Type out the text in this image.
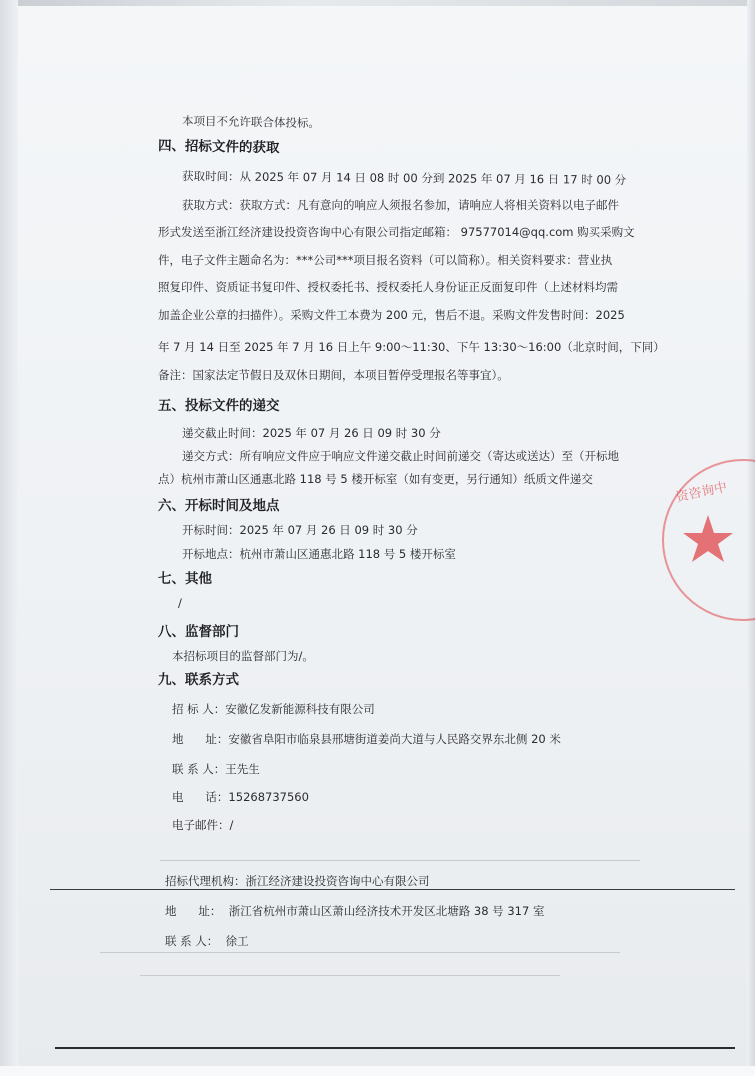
本项目不允许联合体投标。
四、招标文件的获取
获取时间：从 2025 年 07 月 14 日 08 时 00 分到 2025 年 07 月 16 日 17 时 00 分
获取方式：获取方式：凡有意向的响应人须报名参加，请响应人将相关资料以电子邮件
形式发送至浙江经济建设投资咨询中心有限公司指定邮箱： 97577014@qq.com 购买采购文
件，电子文件主题命名为：***公司***项目报名资料（可以简称）。相关资料要求：营业执
照复印件、资质证书复印件、授权委托书、授权委托人身份证正反面复印件（上述材料均需
加盖企业公章的扫描件）。采购文件工本费为 200 元，售后不退。采购文件发售时间：2025
年 7 月 14 日至 2025 年 7 月 16 日上午 9:00～11:30、下午 13:30～16:00（北京时间，下同）
备注：国家法定节假日及双休日期间，本项目暂停受理报名等事宜）。
五、投标文件的递交
递交截止时间：2025 年 07 月 26 日 09 时 30 分
递交方式：所有响应文件应于响应文件递交截止时间前递交（寄达或送达）至（开标地
点）杭州市萧山区通惠北路 118 号 5 楼开标室（如有变更，另行通知）纸质文件递交
六、开标时间及地点
开标时间：2025 年 07 月 26 日 09 时 30 分
开标地点：杭州市萧山区通惠北路 118 号 5 楼开标室
七、其他
/
八、监督部门
本招标项目的监督部门为/。
九、联系方式
招 标 人：安徽亿发新能源科技有限公司
地      址：安徽省阜阳市临泉县邢塘街道姜尚大道与人民路交界东北侧 20 米
联 系 人：王先生
电      话：15268737560
电子邮件：/
招标代理机构：浙江经济建设投资咨询中心有限公司
地      址：  浙江省杭州市萧山区萧山经济技术开发区北塘路 38 号 317 室
联 系 人：  徐工
资咨询中
